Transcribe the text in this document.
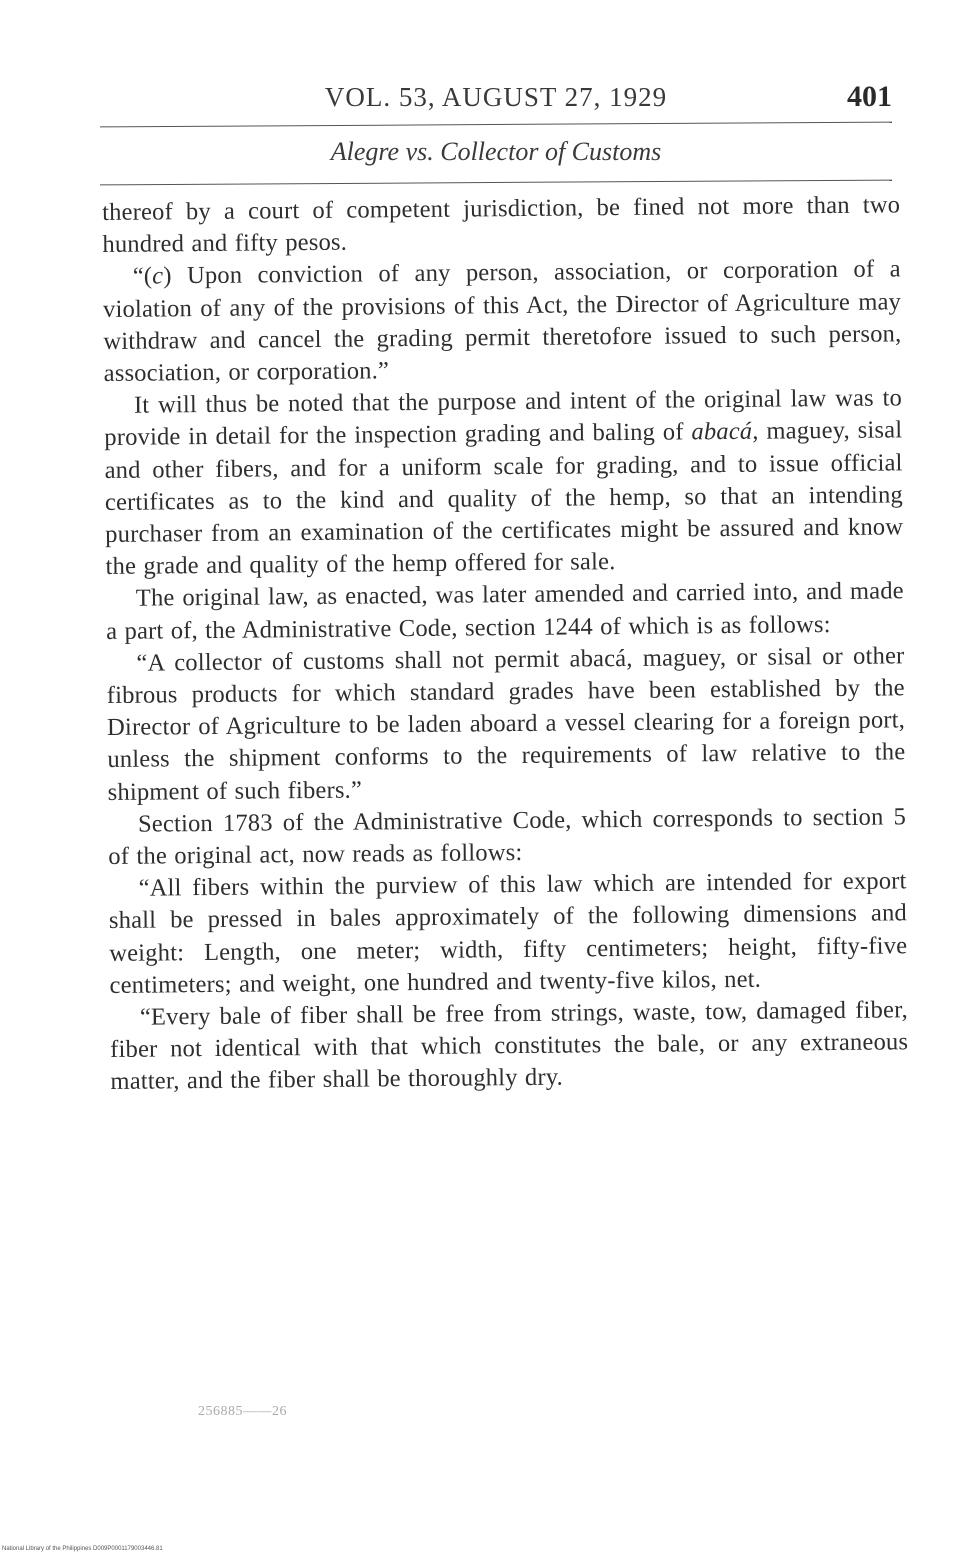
VOL. 53, AUGUST 27, 1929	401
Alegre vs. Collector of Customs

thereof by a court of competent jurisdiction, be fined not more than two hundred and fifty pesos.

“(c) Upon conviction of any person, association, or corporation of a violation of any of the provisions of this Act, the Director of Agriculture may withdraw and cancel the grading permit theretofore issued to such person, association, or corporation.”

It will thus be noted that the purpose and intent of the original law was to provide in detail for the inspection grading and baling of abacá, maguey, sisal and other fibers, and for a uniform scale for grading, and to issue official certificates as to the kind and quality of the hemp, so that an intending purchaser from an examination of the certificates might be assured and know the grade and quality of the hemp offered for sale.

The original law, as enacted, was later amended and carried into, and made a part of, the Administrative Code, section 1244 of which is as follows:

“A collector of customs shall not permit abacá, maguey, or sisal or other fibrous products for which standard grades have been established by the Director of Agriculture to be laden aboard a vessel clearing for a foreign port, unless the shipment conforms to the requirements of law relative to the shipment of such fibers.”

Section 1783 of the Administrative Code, which corresponds to section 5 of the original act, now reads as follows:

“All fibers within the purview of this law which are intended for export shall be pressed in bales approximately of the following dimensions and weight: Length, one meter; width, fifty centimeters; height, fifty-five centimeters; and weight, one hundred and twenty-five kilos, net.

“Every bale of fiber shall be free from strings, waste, tow, damaged fiber, fiber not identical with that which constitutes the bale, or any extraneous matter, and the fiber shall be thoroughly dry.

256885——26
National Library of the Philippines D009P0001179003446.81
